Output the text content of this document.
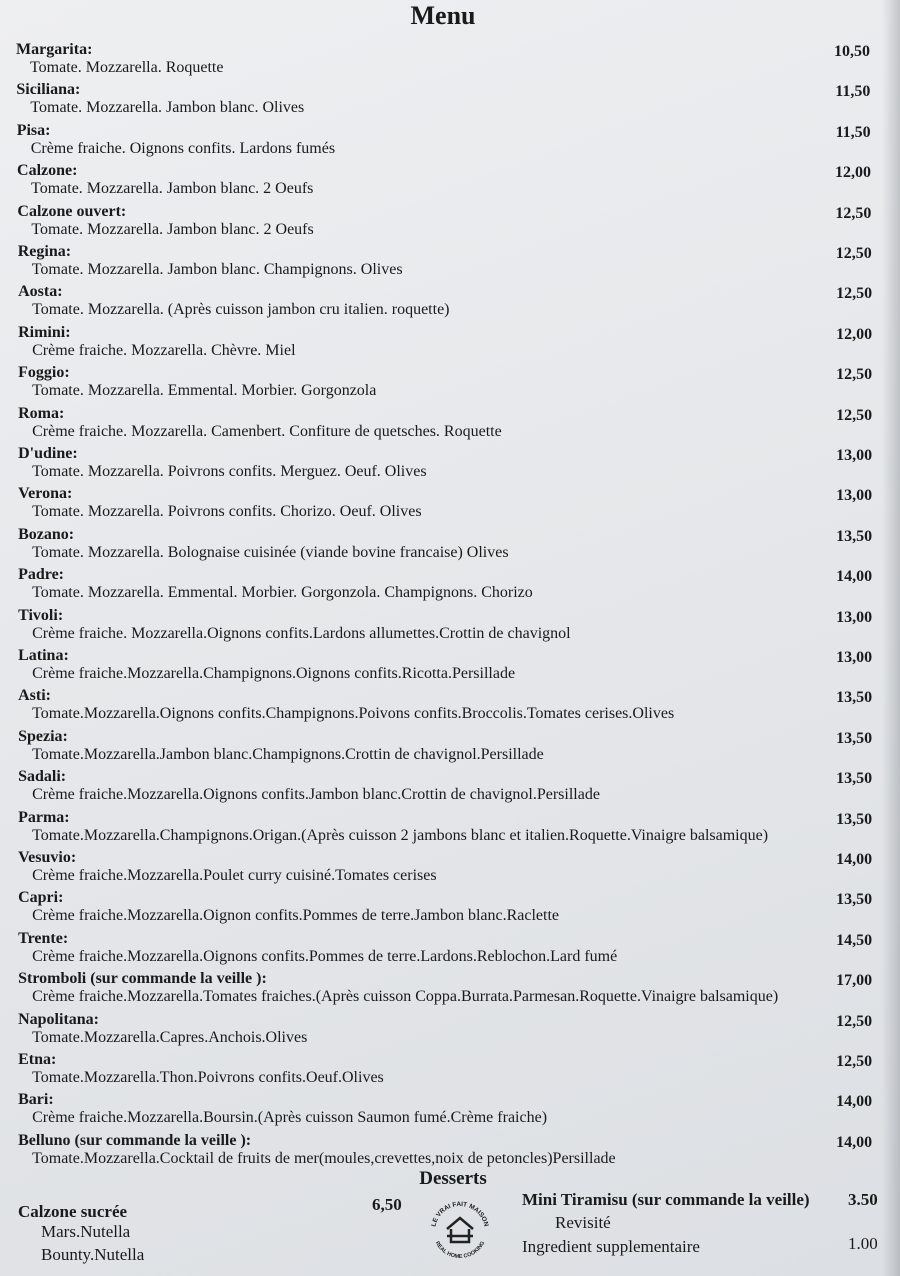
Menu
Margarita:
Tomate. Mozzarella. Roquette
10,50
Siciliana:
Tomate. Mozzarella. Jambon blanc. Olives
11,50
Pisa:
Crème fraiche. Oignons confits. Lardons fumés
11,50
Calzone:
Tomate. Mozzarella. Jambon blanc. 2 Oeufs
12,00
Calzone ouvert:
Tomate. Mozzarella. Jambon blanc. 2 Oeufs
12,50
Regina:
Tomate. Mozzarella. Jambon blanc. Champignons. Olives
12,50
Aosta:
Tomate. Mozzarella. (Après cuisson jambon cru italien. roquette)
12,50
Rimini:
Crème fraiche. Mozzarella. Chèvre. Miel
12,00
Foggio:
Tomate. Mozzarella. Emmental. Morbier. Gorgonzola
12,50
Roma:
Crème fraiche. Mozzarella. Camenbert. Confiture de quetsches. Roquette
12,50
D'udine:
Tomate. Mozzarella. Poivrons confits. Merguez. Oeuf. Olives
13,00
Verona:
Tomate. Mozzarella. Poivrons confits. Chorizo. Oeuf. Olives
13,00
Bozano:
Tomate. Mozzarella. Bolognaise cuisinée (viande bovine francaise) Olives
13,50
Padre:
Tomate. Mozzarella. Emmental. Morbier. Gorgonzola. Champignons. Chorizo
14,00
Tivoli:
Crème fraiche. Mozzarella.Oignons confits.Lardons allumettes.Crottin de chavignol
13,00
Latina:
Crème fraiche.Mozzarella.Champignons.Oignons confits.Ricotta.Persillade
13,00
Asti:
Tomate.Mozzarella.Oignons confits.Champignons.Poivons confits.Broccolis.Tomates cerises.Olives
13,50
Spezia:
Tomate.Mozzarella.Jambon blanc.Champignons.Crottin de chavignol.Persillade
13,50
Sadali:
Crème fraiche.Mozzarella.Oignons confits.Jambon blanc.Crottin de chavignol.Persillade
13,50
Parma:
Tomate.Mozzarella.Champignons.Origan.(Après cuisson 2 jambons blanc et italien.Roquette.Vinaigre balsamique)
13,50
Vesuvio:
Crème fraiche.Mozzarella.Poulet curry cuisiné.Tomates cerises
14,00
Capri:
Crème fraiche.Mozzarella.Oignon confits.Pommes de terre.Jambon blanc.Raclette
13,50
Trente:
Crème fraiche.Mozzarella.Oignons confits.Pommes de terre.Lardons.Reblochon.Lard fumé
14,50
Stromboli (sur commande la veille ):
Crème fraiche.Mozzarella.Tomates fraiches.(Après cuisson Coppa.Burrata.Parmesan.Roquette.Vinaigre balsamique)
17,00
Napolitana:
Tomate.Mozzarella.Capres.Anchois.Olives
12,50
Etna:
Tomate.Mozzarella.Thon.Poivrons confits.Oeuf.Olives
12,50
Bari:
Crème fraiche.Mozzarella.Boursin.(Après cuisson Saumon fumé.Crème fraiche)
14,00
Belluno (sur commande la veille ):
Tomate.Mozzarella.Cocktail de fruits de mer(moules,crevettes,noix de petoncles)Persillade
14,00
Desserts
Calzone sucrée
Mars.Nutella
Bounty.Nutella
6,50
LE VRAI FAIT MAISON
REAL HOME COOKING
Mini Tiramisu (sur commande la veille)
Revisité
3.50
Ingredient supplementaire	1.00
